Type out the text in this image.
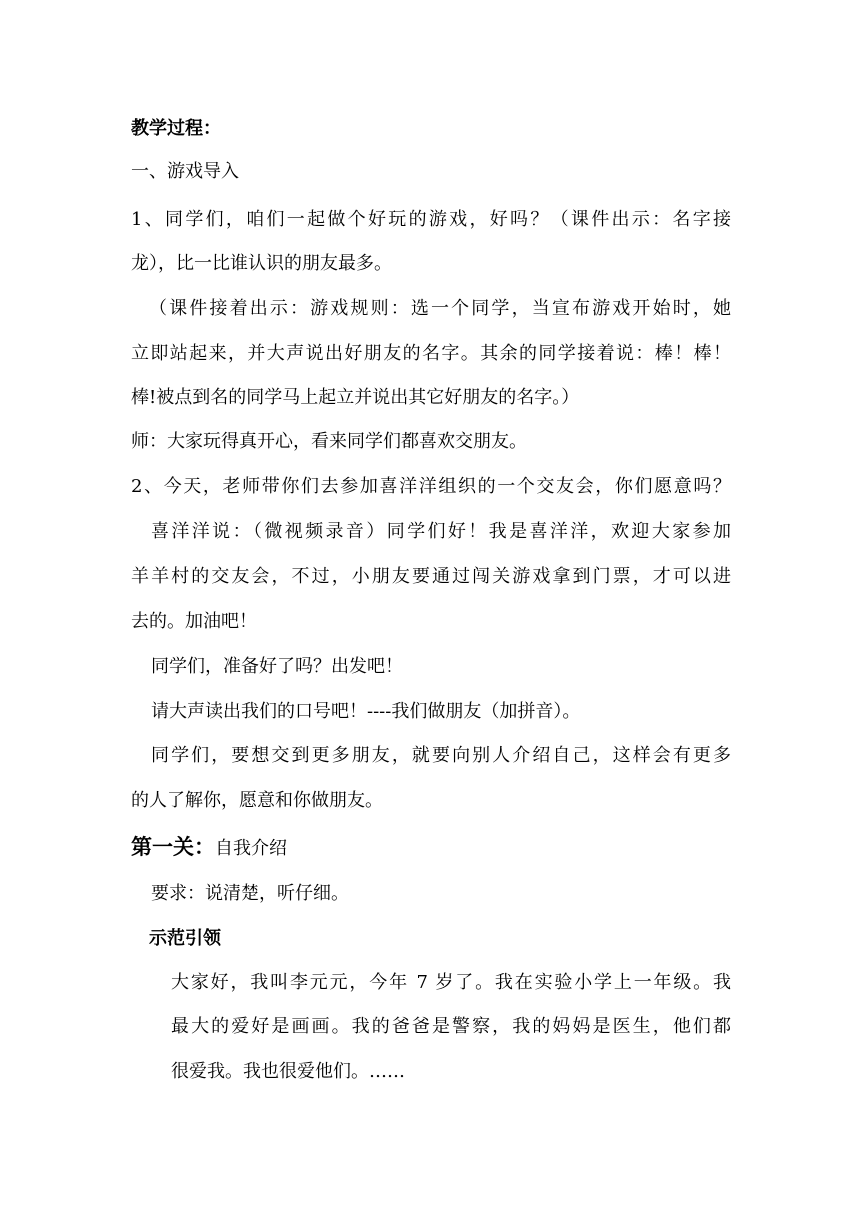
教学过程：
一、游戏导入
1、同学们，咱们一起做个好玩的游戏，好吗？（课件出示：名字接
龙），比一比谁认识的朋友最多。
（课件接着出示：游戏规则：选一个同学，当宣布游戏开始时，她
立即站起来，并大声说出好朋友的名字。其余的同学接着说：棒！棒！
棒!被点到名的同学马上起立并说出其它好朋友的名字。）
师：大家玩得真开心，看来同学们都喜欢交朋友。
2、今天，老师带你们去参加喜洋洋组织的一个交友会，你们愿意吗？
喜洋洋说：（微视频录音）同学们好！我是喜洋洋，欢迎大家参加
羊羊村的交友会，不过，小朋友要通过闯关游戏拿到门票，才可以进
去的。加油吧！
同学们，准备好了吗？出发吧！
请大声读出我们的口号吧！----我们做朋友（加拼音）。
同学们，要想交到更多朋友，就要向别人介绍自己，这样会有更多
的人了解你，愿意和你做朋友。
第一关：自我介绍
要求：说清楚，听仔细。
示范引领
大家好，我叫李元元，今年 7 岁了。我在实验小学上一年级。我
最大的爱好是画画。我的爸爸是警察，我的妈妈是医生，他们都
很爱我。我也很爱他们。……
